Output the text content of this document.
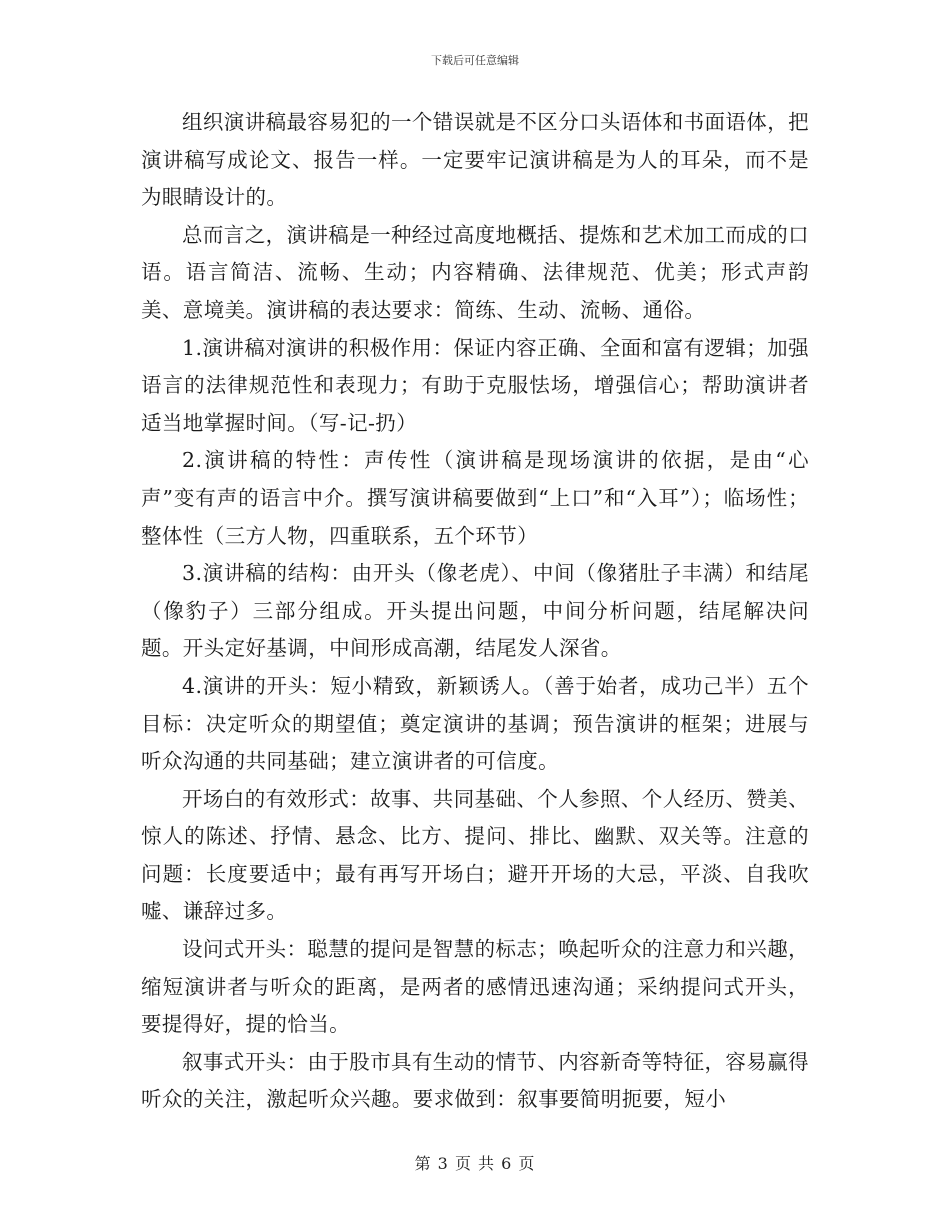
下载后可任意编辑

组织演讲稿最容易犯的一个错误就是不区分口头语体和书面语体，把演讲稿写成论文、报告一样。一定要牢记演讲稿是为人的耳朵，而不是为眼睛设计的。

总而言之，演讲稿是一种经过高度地概括、提炼和艺术加工而成的口语。语言简洁、流畅、生动；内容精确、法律规范、优美；形式声韵美、意境美。演讲稿的表达要求：简练、生动、流畅、通俗。

1.演讲稿对演讲的积极作用：保证内容正确、全面和富有逻辑；加强语言的法律规范性和表现力；有助于克服怯场，增强信心；帮助演讲者适当地掌握时间。（写-记-扔）

2.演讲稿的特性：声传性（演讲稿是现场演讲的依据，是由“心声”变有声的语言中介。撰写演讲稿要做到“上口”和“入耳”）；临场性；整体性（三方人物，四重联系，五个环节）

3.演讲稿的结构：由开头（像老虎）、中间（像猪肚子丰满）和结尾（像豹子）三部分组成。开头提出问题，中间分析问题，结尾解决问题。开头定好基调，中间形成高潮，结尾发人深省。

4.演讲的开头：短小精致，新颖诱人。（善于始者，成功己半）五个目标：决定听众的期望值；奠定演讲的基调；预告演讲的框架；进展与听众沟通的共同基础；建立演讲者的可信度。

开场白的有效形式：故事、共同基础、个人参照、个人经历、赞美、惊人的陈述、抒情、悬念、比方、提问、排比、幽默、双关等。注意的问题：长度要适中；最有再写开场白；避开开场的大忌，平淡、自我吹嘘、谦辞过多。

设问式开头：聪慧的提问是智慧的标志；唤起听众的注意力和兴趣，缩短演讲者与听众的距离，是两者的感情迅速沟通；采纳提问式开头，要提得好，提的恰当。

叙事式开头：由于股市具有生动的情节、内容新奇等特征，容易赢得听众的关注，激起听众兴趣。要求做到：叙事要简明扼要，短小

第 3 页 共 6 页
